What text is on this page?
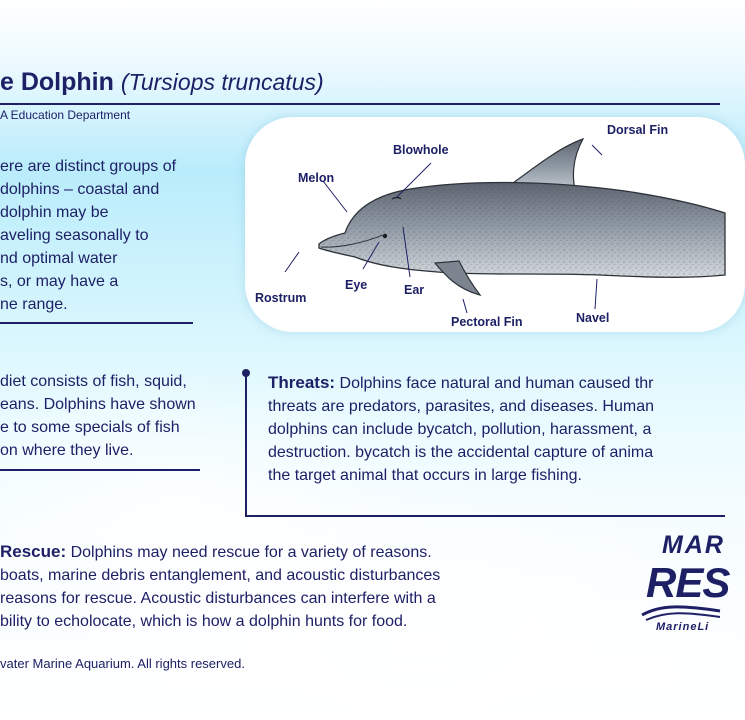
e Dolphin (Tursiops truncatus)
A Education Department
Dorsal Fin
Blowhole
Melon
Rostrum
Eye	Ear
Pectoral Fin	Navel
ere are distinct groups of
dolphins – coastal and
dolphin may be
aveling seasonally to
nd optimal water
s, or may have a
ne range.
diet consists of fish, squid,
eans. Dolphins have shown
e to some specials of fish
on where they live.
Threats: Dolphins face natural and human caused thr
threats are predators, parasites, and diseases. Human
dolphins can include bycatch, pollution, harassment, a
destruction. bycatch is the accidental capture of anima
the target animal that occurs in large fishing.
Rescue: Dolphins may need rescue for a variety of reasons.
boats, marine debris entanglement, and acoustic disturbances
reasons for rescue. Acoustic disturbances can interfere with a
bility to echolocate, which is how a dolphin hunts for food.
vater Marine Aquarium. All rights reserved.
MAR
RES
MarineLi
